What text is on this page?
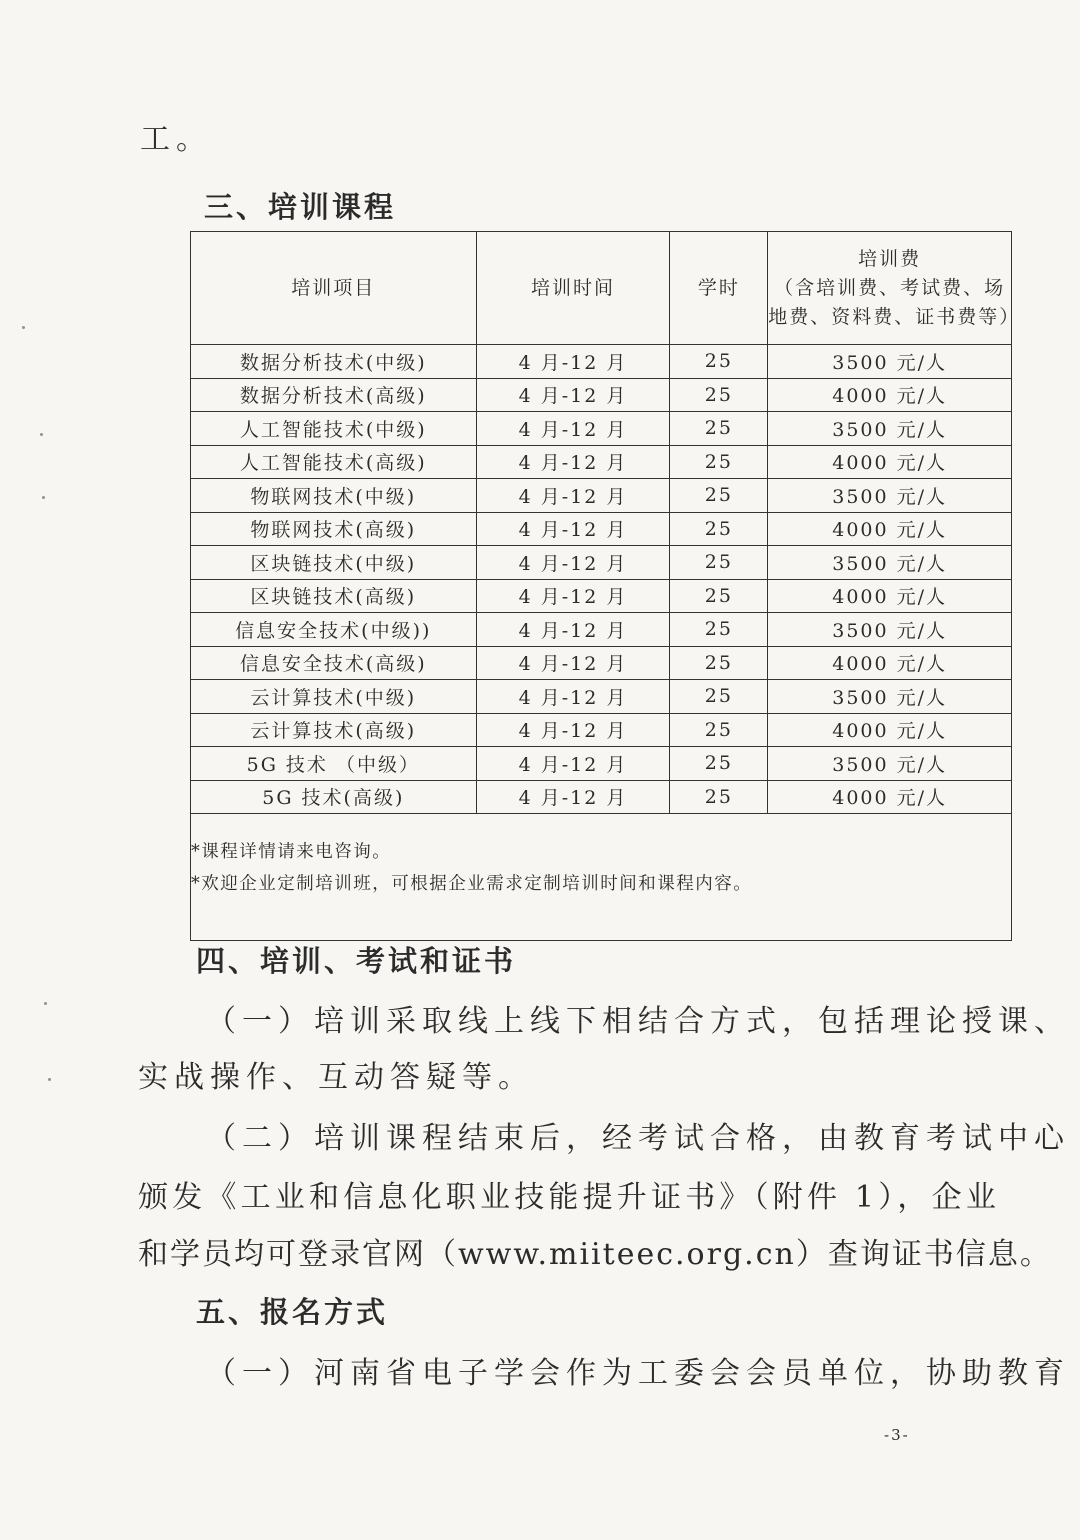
工。
三、培训课程
培训项目	培训时间	学时	培训费
（含培训费、考试费、场
地费、资料费、证书费等）

数据分析技术(中级)	4 月-12 月	25	3500 元/人
数据分析技术(高级)	4 月-12 月	25	4000 元/人
人工智能技术(中级)	4 月-12 月	25	3500 元/人
人工智能技术(高级)	4 月-12 月	25	4000 元/人
物联网技术(中级)	4 月-12 月	25	3500 元/人
物联网技术(高级)	4 月-12 月	25	4000 元/人
区块链技术(中级)	4 月-12 月	25	3500 元/人
区块链技术(高级)	4 月-12 月	25	4000 元/人
信息安全技术(中级))	4 月-12 月	25	3500 元/人
信息安全技术(高级)	4 月-12 月	25	4000 元/人
云计算技术(中级)	4 月-12 月	25	3500 元/人
云计算技术(高级)	4 月-12 月	25	4000 元/人
5G 技术 （中级）	4 月-12 月	25	3500 元/人
5G 技术(高级)	4 月-12 月	25	4000 元/人

*课程详情请来电咨询。
*欢迎企业定制培训班，可根据企业需求定制培训时间和课程内容。			
四、培训、考试和证书
（一）培训采取线上线下相结合方式，包括理论授课、
实战操作、互动答疑等。
（二）培训课程结束后，经考试合格，由教育考试中心
颁发《工业和信息化职业技能提升证书》（附件 1），企业
和学员均可登录官网（www.miiteec.org.cn）查询证书信息。
五、报名方式
（一）河南省电子学会作为工委会会员单位，协助教育
-3-
